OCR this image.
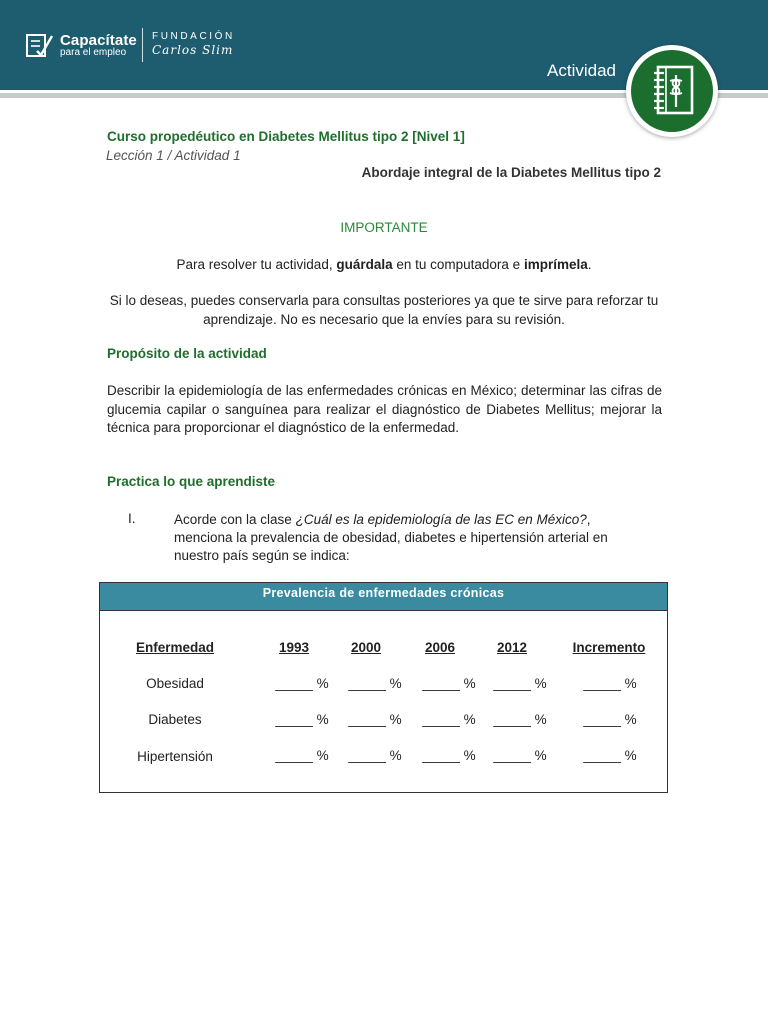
Capacítate
para el empleo
FUNDACIÓN
Carlos Slim
Actividad
Curso propedéutico en Diabetes Mellitus tipo 2 [Nivel 1]
Lección 1 / Actividad 1
Abordaje integral de la Diabetes Mellitus tipo 2
IMPORTANTE
Para resolver tu actividad, guárdala en tu computadora e imprímela.
Si lo deseas, puedes conservarla para consultas posteriores ya que te sirve para reforzar tu aprendizaje. No es necesario que la envíes para su revisión.
Propósito de la actividad
Describir la epidemiología de las enfermedades crónicas en México; determinar las cifras de glucemia capilar o sanguínea para realizar el diagnóstico de Diabetes Mellitus; mejorar la técnica para proporcionar el diagnóstico de la enfermedad.
Practica lo que aprendiste
I.	Acorde con la clase ¿Cuál es la epidemiología de las EC en México?, menciona la prevalencia de obesidad, diabetes e hipertensión arterial en nuestro país según se indica:
Prevalencia de enfermedades crónicas
Enfermedad	1993	2000	2006	2012	Incremento
Obesidad	_____ % _____ % _____ % _____ %	_____ %
Diabetes	_____ % _____ % _____ % _____ %	_____ %
Hipertensión	_____ % _____ % _____ % _____ %	_____ %
